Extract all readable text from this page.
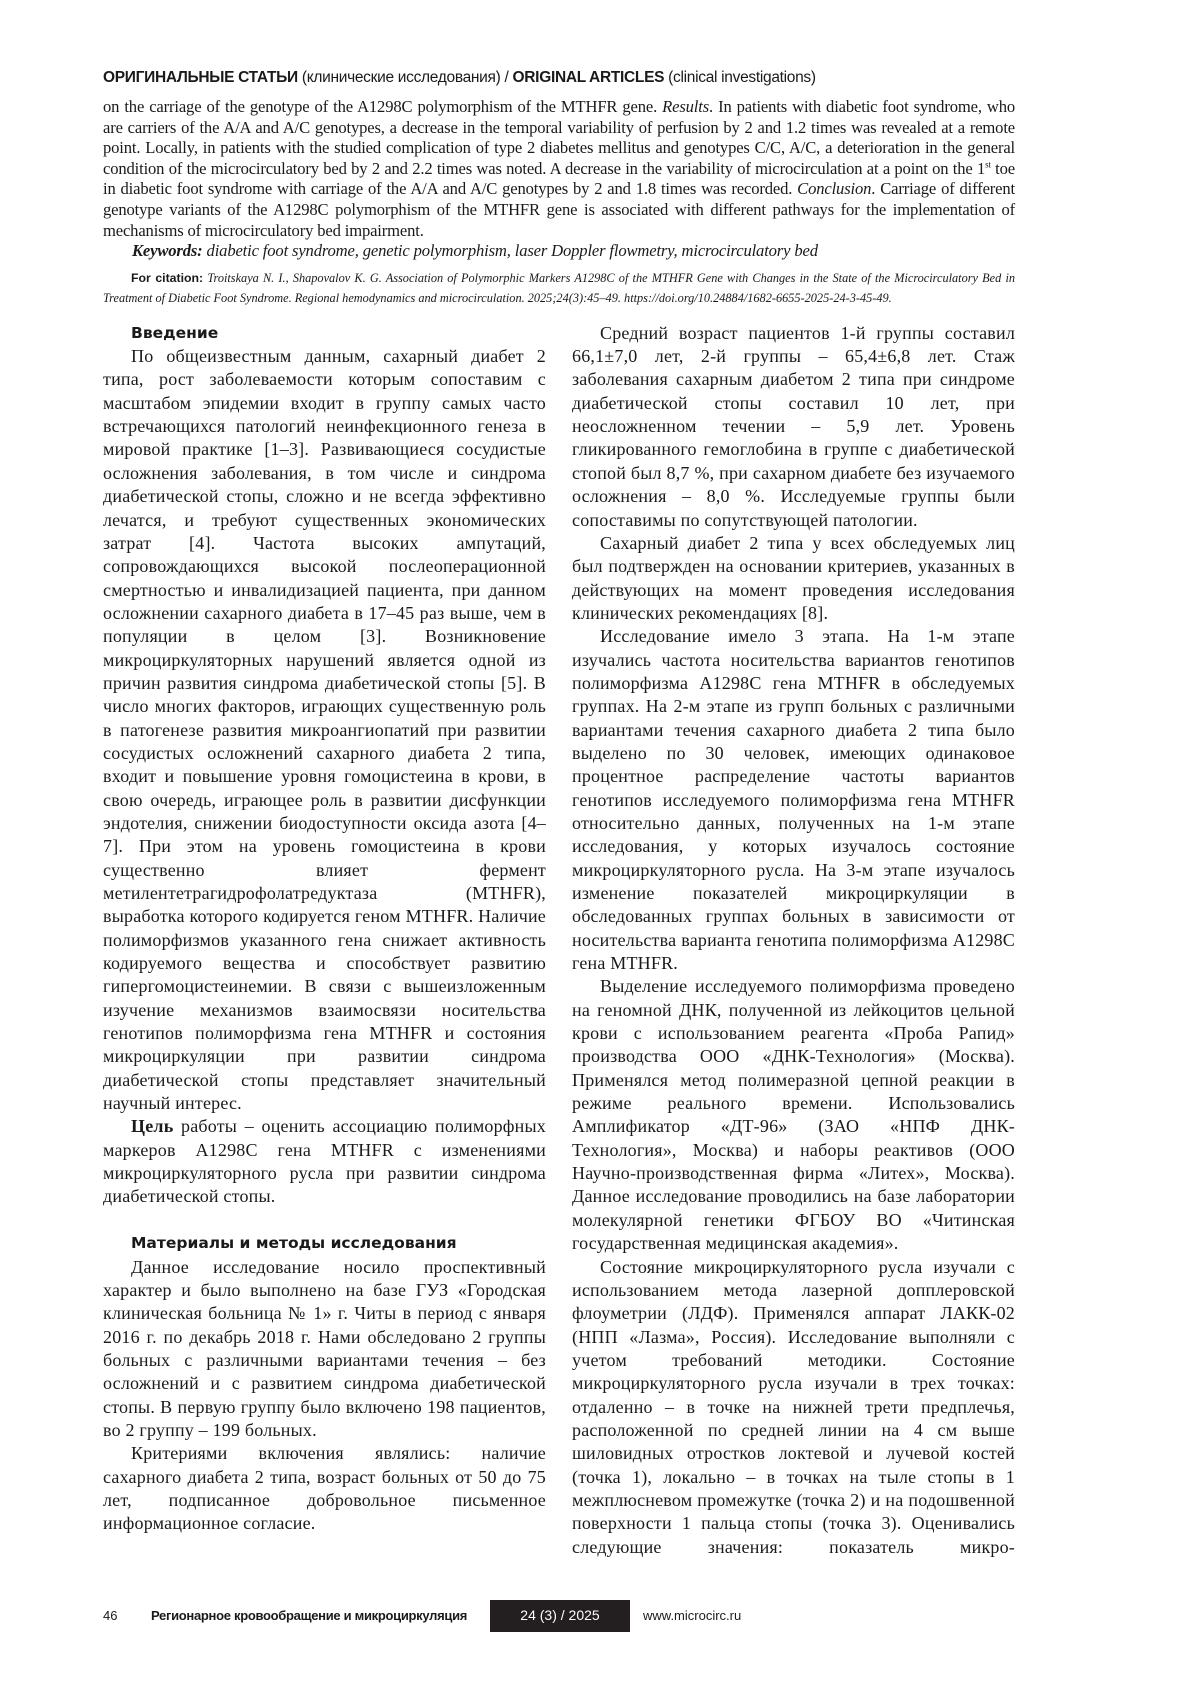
ОРИГИНАЛЬНЫЕ СТАТЬИ (клинические исследования) / ORIGINAL ARTICLES (clinical investigations)
on the carriage of the genotype of the A1298C polymorphism of the MTHFR gene. Results. In patients with diabetic foot syndrome, who are carriers of the A/A and A/C genotypes, a decrease in the temporal variability of perfusion by 2 and 1.2 times was revealed at a remote point. Locally, in patients with the studied complication of type 2 diabetes mellitus and genotypes C/C, A/C, a deterioration in the general condition of the microcirculatory bed by 2 and 2.2 times was noted. A decrease in the variability of microcirculation at a point on the 1st toe in diabetic foot syndrome with carriage of the A/A and A/C genotypes by 2 and 1.8 times was recorded. Conclusion. Carriage of different genotype variants of the A1298C polymorphism of the MTHFR gene is associated with different pathways for the implementation of mechanisms of microcirculatory bed impairment.
Keywords: diabetic foot syndrome, genetic polymorphism, laser Doppler flowmetry, microcirculatory bed
For citation: Troitskaya N. I., Shapovalov K. G. Association of Polymorphic Markers A1298C of the MTHFR Gene with Changes in the State of the Microcirculatory Bed in Treatment of Diabetic Foot Syndrome. Regional hemodynamics and microcirculation. 2025;24(3):45–49. https://doi.org/10.24884/1682-6655-2025-24-3-45-49.
Введение

По общеизвестным данным, сахарный диабет 2 типа, рост заболеваемости которым сопоставим с масштабом эпидемии входит в группу самых часто встречающихся патологий неинфекционного генеза в мировой практике [1–3]. Развивающиеся сосудистые осложнения заболевания, в том числе и синдрома диабетической стопы, сложно и не всегда эффективно лечатся, и требуют существенных экономических затрат [4]. Частота высоких ампутаций, сопровождающихся высокой послеоперационной смертностью и инвалидизацией пациента, при данном осложнении сахарного диабета в 17–45 раз выше, чем в популяции в целом [3]. Возникновение микроциркуляторных нарушений является одной из причин развития синдрома диабетической стопы [5]. В число многих факторов, играющих существенную роль в патогенезе развития микроангиопатий при развитии сосудистых осложнений сахарного диабета 2 типа, входит и повышение уровня гомоцистеина в крови, в свою очередь, играющее роль в развитии дисфункции эндотелия, снижении биодоступности оксида азота [4–7]. При этом на уровень гомоцистеина в крови существенно влияет фермент метилентетрагидрофолатредуктаза (MTHFR), выработка которого кодируется геном MTHFR. Наличие полиморфизмов указанного гена снижает активность кодируемого вещества и способствует развитию гипергомоцистеинемии. В связи с вышеизложенным изучение механизмов взаимосвязи носительства генотипов полиморфизма гена MTHFR и состояния микроциркуляции при развитии синдрома диабетической стопы представляет значительный научный интерес.

Цель работы – оценить ассоциацию полиморфных маркеров A1298C гена MTHFR с изменениями микроциркуляторного русла при развитии синдрома диабетической стопы.

Материалы и методы исследования

Данное исследование носило проспективный характер и было выполнено на базе ГУЗ «Городская клиническая больница № 1» г. Читы в период с января 2016 г. по декабрь 2018 г. Нами обследовано 2 группы больных с различными вариантами течения – без осложнений и с развитием синдрома диабетической стопы. В первую группу было включено 198 пациентов, во 2 группу – 199 больных.

Критериями включения являлись: наличие сахарного диабета 2 типа, возраст больных от 50 до 75 лет, подписанное добровольное письменное информационное согласие.

Средний возраст пациентов 1-й группы составил 66,1±7,0 лет, 2-й группы – 65,4±6,8 лет. Стаж заболевания сахарным диабетом 2 типа при синдроме диабетической стопы составил 10 лет, при неосложненном течении – 5,9 лет. Уровень гликированного гемоглобина в группе с диабетической стопой был 8,7 %, при сахарном диабете без изучаемого осложнения – 8,0 %. Исследуемые группы были сопоставимы по сопутствующей патологии.

Сахарный диабет 2 типа у всех обследуемых лиц был подтвержден на основании критериев, указанных в действующих на момент проведения исследования клинических рекомендациях [8].

Исследование имело 3 этапа. На 1-м этапе изучались частота носительства вариантов генотипов полиморфизма A1298C гена MTHFR в обследуемых группах. На 2-м этапе из групп больных с различными вариантами течения сахарного диабета 2 типа было выделено по 30 человек, имеющих одинаковое процентное распределение частоты вариантов генотипов исследуемого полиморфизма гена MTHFR относительно данных, полученных на 1-м этапе исследования, у которых изучалось состояние микроциркуляторного русла. На 3-м этапе изучалось изменение показателей микроциркуляции в обследованных группах больных в зависимости от носительства варианта генотипа полиморфизма A1298C гена MTHFR.

Выделение исследуемого полиморфизма проведено на геномной ДНК, полученной из лейкоцитов цельной крови с использованием реагента «Проба Рапид» производства ООО «ДНК-Технология» (Москва). Применялся метод полимеразной цепной реакции в режиме реального времени. Использовались Амплификатор «ДТ-96» (ЗАО «НПФ ДНК-Технология», Москва) и наборы реактивов (ООО Научно-производственная фирма «Литех», Москва). Данное исследование проводились на базе лаборатории молекулярной генетики ФГБОУ ВО «Читинская государственная медицинская академия».

Состояние микроциркуляторного русла изучали с использованием метода лазерной допплеровской флоуметрии (ЛДФ). Применялся аппарат ЛАКК-02 (НПП «Лазма», Россия). Исследование выполняли с учетом требований методики. Состояние микроциркуляторного русла изучали в трех точках: отдаленно – в точке на нижней трети предплечья, расположенной по средней линии на 4 см выше шиловидных отростков локтевой и лучевой костей (точка 1), локально – в точках на тыле стопы в 1 межплюсневом промежутке (точка 2) и на подошвенной поверхности 1 пальца стопы (точка 3). Оценивались следующие значения: показатель микро-

46	Регионарное кровообращение и микроциркуляция	24 (3) / 2025	www.microcirc.ru
